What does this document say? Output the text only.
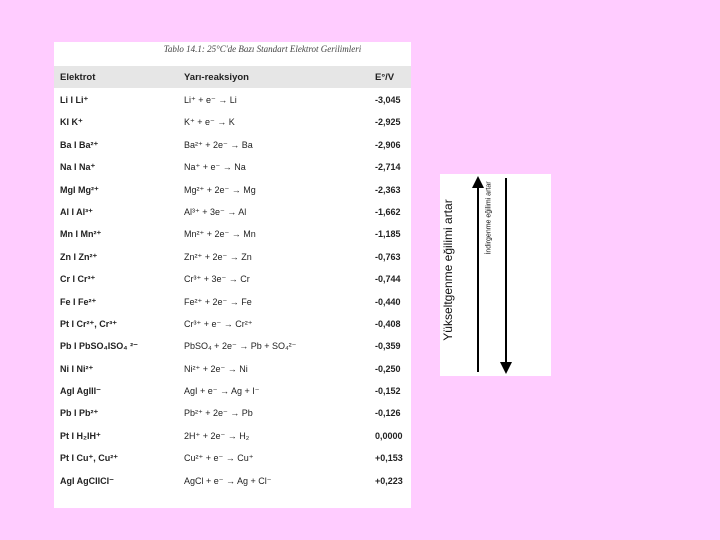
Tablo 14.1: 25°C'de Bazı Standart Elektrot Gerilimleri
Elektrot	Yarı-reaksiyon	E°/V
Li I Li⁺	Li⁺ + e⁻ → Li	-3,045
KI K⁺	K⁺ + e⁻ → K	-2,925
Ba I Ba²⁺	Ba²⁺ + 2e⁻ → Ba	-2,906
Na I Na⁺	Na⁺ + e⁻ → Na	-2,714
MgI Mg²⁺	Mg²⁺ + 2e⁻ → Mg	-2,363
Al I Al³⁺	Al³⁺ + 3e⁻ → Al	-1,662
Mn I Mn²⁺	Mn²⁺ + 2e⁻ → Mn	-1,185
Zn I Zn²⁺	Zn²⁺ + 2e⁻ → Zn	-0,763
Cr I Cr³⁺	Cr³⁺ + 3e⁻ → Cr	-0,744
Fe I Fe²⁺	Fe²⁺ + 2e⁻ → Fe	-0,440
Pt I Cr²⁺, Cr³⁺	Cr³⁺ + e⁻ → Cr²⁺	-0,408
Pb I PbSO₄ISO₄ ²⁻	PbSO₄ + 2e⁻ → Pb + SO₄²⁻	-0,359
Ni I Ni²⁺	Ni²⁺ + 2e⁻ → Ni	-0,250
AgI AgIII⁻	AgI + e⁻ → Ag + I⁻	-0,152
Pb I Pb²⁺	Pb²⁺ + 2e⁻ → Pb	-0,126
Pt I H₂IH⁺	2H⁺ + 2e⁻ → H₂	0,0000
Pt I Cu⁺, Cu²⁺	Cu²⁺ + e⁻ → Cu⁺	+0,153
AgI AgCIICI⁻	AgCl + e⁻ → Ag + Cl⁻	+0,223
Yükseltgenme eğilimi artar	İndirgenme eğilimi artar
